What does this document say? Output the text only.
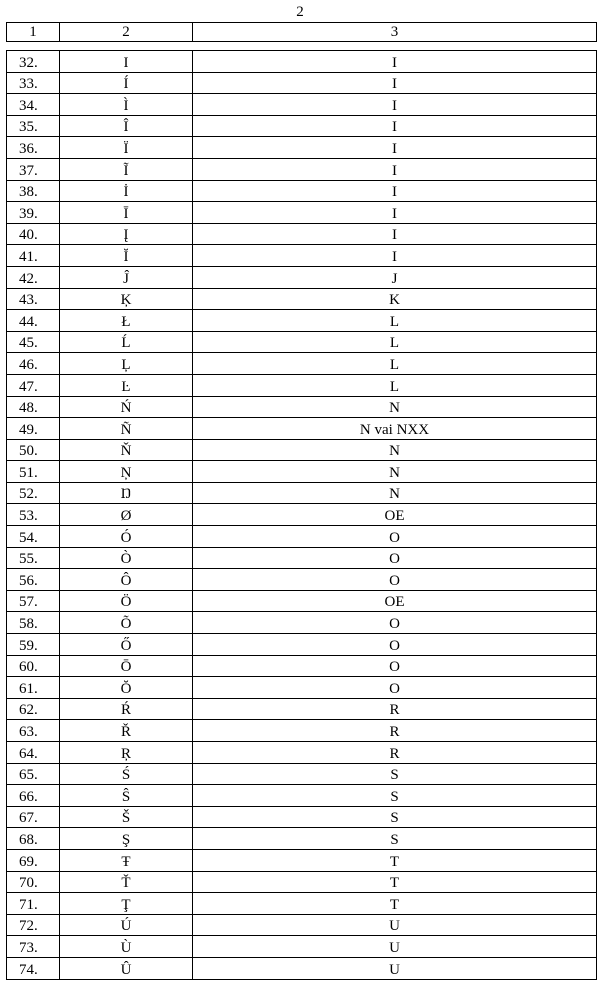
2
1	2	3
32.	I	I
33.	Í	I
34.	Ì	I
35.	Î	I
36.	Ï	I
37.	Ĩ	I
38.	İ	I
39.	Ī	I
40.	Į	I
41.	Ĭ	I
42.	Ĵ	J
43.	Ķ	K
44.	Ł	L
45.	Ĺ	L
46.	Ļ	L
47.	Ŀ	L
48.	Ń	N
49.	Ñ	N vai NXX
50.	Ň	N
51.	Ņ	N
52.	Ŋ	N
53.	Ø	OE
54.	Ó	O
55.	Ò	O
56.	Ô	O
57.	Ö	OE
58.	Õ	O
59.	Ő	O
60.	Ō	O
61.	Ŏ	O
62.	Ŕ	R
63.	Ř	R
64.	Ŗ	R
65.	Ś	S
66.	Ŝ	S
67.	Š	S
68.	Ş	S
69.	Ŧ	T
70.	Ť	T
71.	Ţ	T
72.	Ú	U
73.	Ù	U
74.	Û	U
